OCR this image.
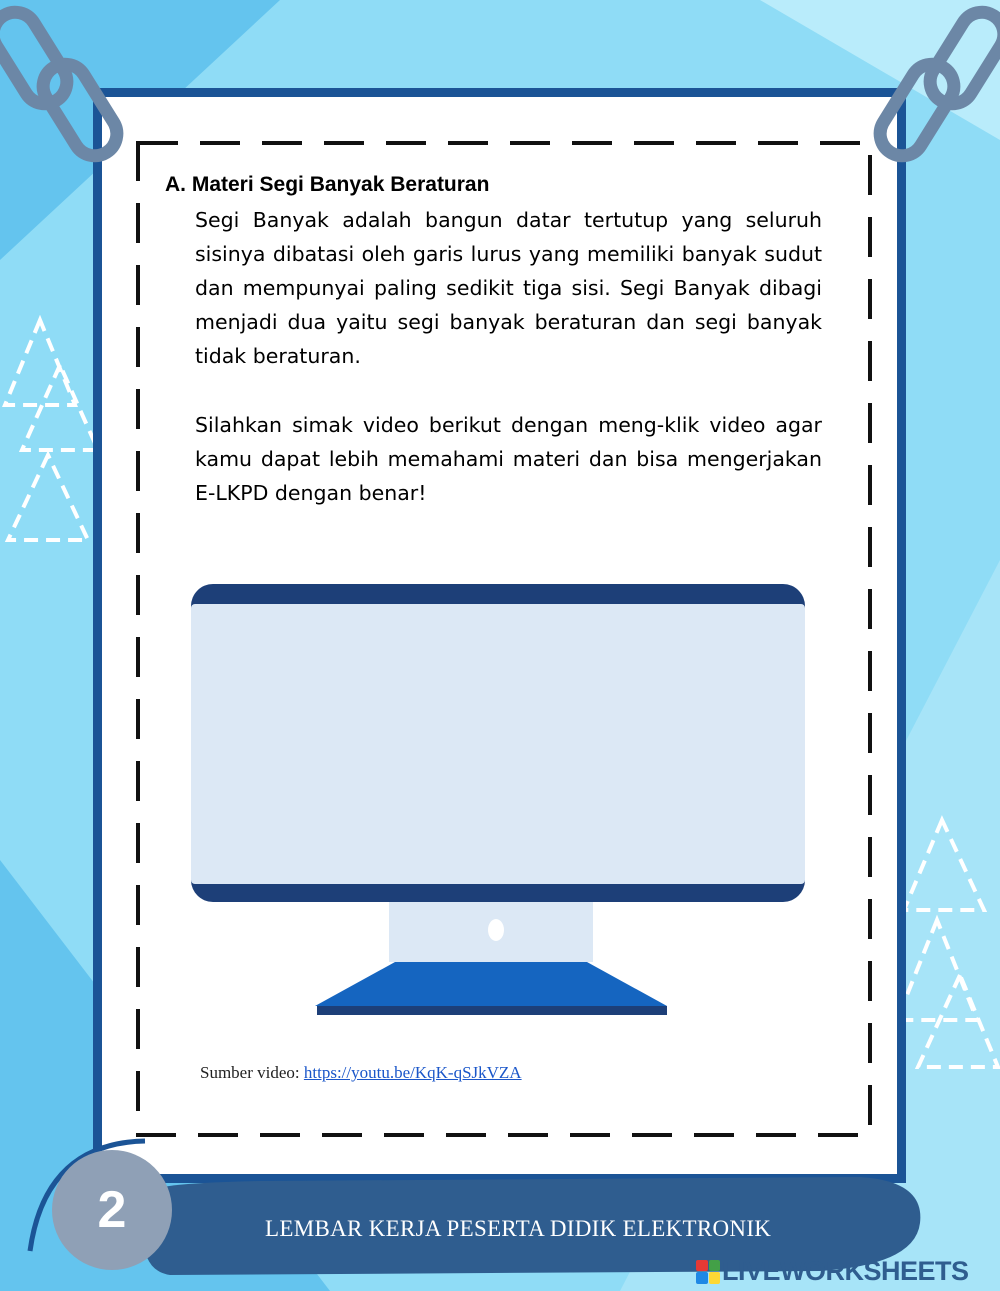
A. Materi Segi Banyak Beraturan

Segi Banyak adalah bangun datar tertutup yang seluruh sisinya dibatasi oleh garis lurus yang memiliki banyak sudut dan mempunyai paling sedikit tiga sisi. Segi Banyak dibagi menjadi dua yaitu segi banyak beraturan dan segi banyak tidak beraturan.

Silahkan simak video berikut dengan meng-klik video agar kamu dapat lebih memahami materi dan bisa mengerjakan E-LKPD dengan benar!

Sumber video: https://youtu.be/KqK-qSJkVZA

2	LEMBAR KERJA PESERTA DIDIK ELEKTRONIK

LIVEWORKSHEETS
